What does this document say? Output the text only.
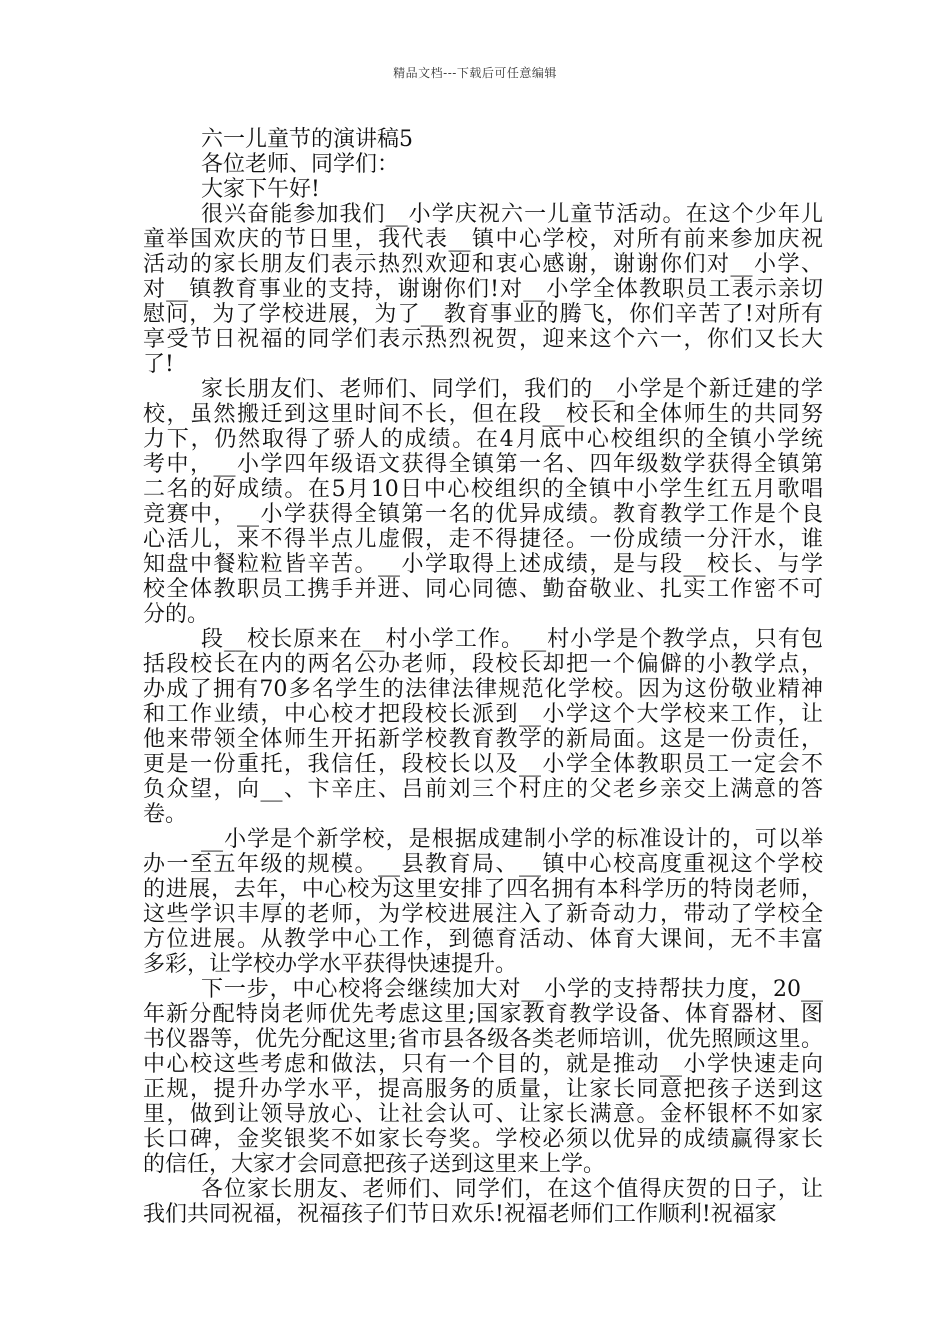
精品文档---下载后可任意编辑

六一儿童节的演讲稿5

各位老师、同学们：

大家下午好!

很兴奋能参加我们__小学庆祝六一儿童节活动。在这个少年儿

童举国欢庆的节日里，我代表__镇中心学校，对所有前来参加庆祝

活动的家长朋友们表示热烈欢迎和衷心感谢，谢谢你们对__小学、

对__镇教育事业的支持，谢谢你们!对__小学全体教职员工表示亲切

慰问，为了学校进展，为了__教育事业的腾飞，你们辛苦了!对所有

享受节日祝福的同学们表示热烈祝贺，迎来这个六一，你们又长大

了!

家长朋友们、老师们、同学们，我们的__小学是个新迁建的学

校，虽然搬迁到这里时间不长，但在段__校长和全体师生的共同努

力下，仍然取得了骄人的成绩。在4月底中心校组织的全镇小学统

考中，__小学四年级语文获得全镇第一名、四年级数学获得全镇第

二名的好成绩。在5月10日中心校组织的全镇中小学生红五月歌唱

竞赛中，__小学获得全镇第一名的优异成绩。教育教学工作是个良

心活儿，来不得半点儿虚假，走不得捷径。一份成绩一分汗水，谁

知盘中餐粒粒皆辛苦。__小学取得上述成绩，是与段__校长、与学

校全体教职员工携手并进、同心同德、勤奋敬业、扎实工作密不可

分的。

段__校长原来在__村小学工作。__村小学是个教学点，只有包

括段校长在内的两名公办老师，段校长却把一个偏僻的小教学点，

办成了拥有70多名学生的法律法律规范化学校。因为这份敬业精神

和工作业绩，中心校才把段校长派到__小学这个大学校来工作，让

他来带领全体师生开拓新学校教育教学的新局面。这是一份责任，

更是一份重托，我信任，段校长以及__小学全体教职员工一定会不

负众望，向__、卞辛庄、吕前刘三个村庄的父老乡亲交上满意的答

卷。

__小学是个新学校，是根据成建制小学的标准设计的，可以举

办一至五年级的规模。__县教育局、__镇中心校高度重视这个学校

的进展，去年，中心校为这里安排了四名拥有本科学历的特岗老师，

这些学识丰厚的老师，为学校进展注入了新奇动力，带动了学校全

方位进展。从教学中心工作，到德育活动、体育大课间，无不丰富

多彩，让学校办学水平获得快速提升。

下一步，中心校将会继续加大对__小学的支持帮扶力度，20__

年新分配特岗老师优先考虑这里;国家教育教学设备、体育器材、图

书仪器等，优先分配这里;省市县各级各类老师培训，优先照顾这里。

中心校这些考虑和做法，只有一个目的，就是推动__小学快速走向

正规，提升办学水平，提高服务的质量，让家长同意把孩子送到这

里，做到让领导放心、让社会认可、让家长满意。金杯银杯不如家

长口碑，金奖银奖不如家长夸奖。学校必须以优异的成绩赢得家长

的信任，大家才会同意把孩子送到这里来上学。

各位家长朋友、老师们、同学们，在这个值得庆贺的日子，让

我们共同祝福，祝福孩子们节日欢乐!祝福老师们工作顺利!祝福家
